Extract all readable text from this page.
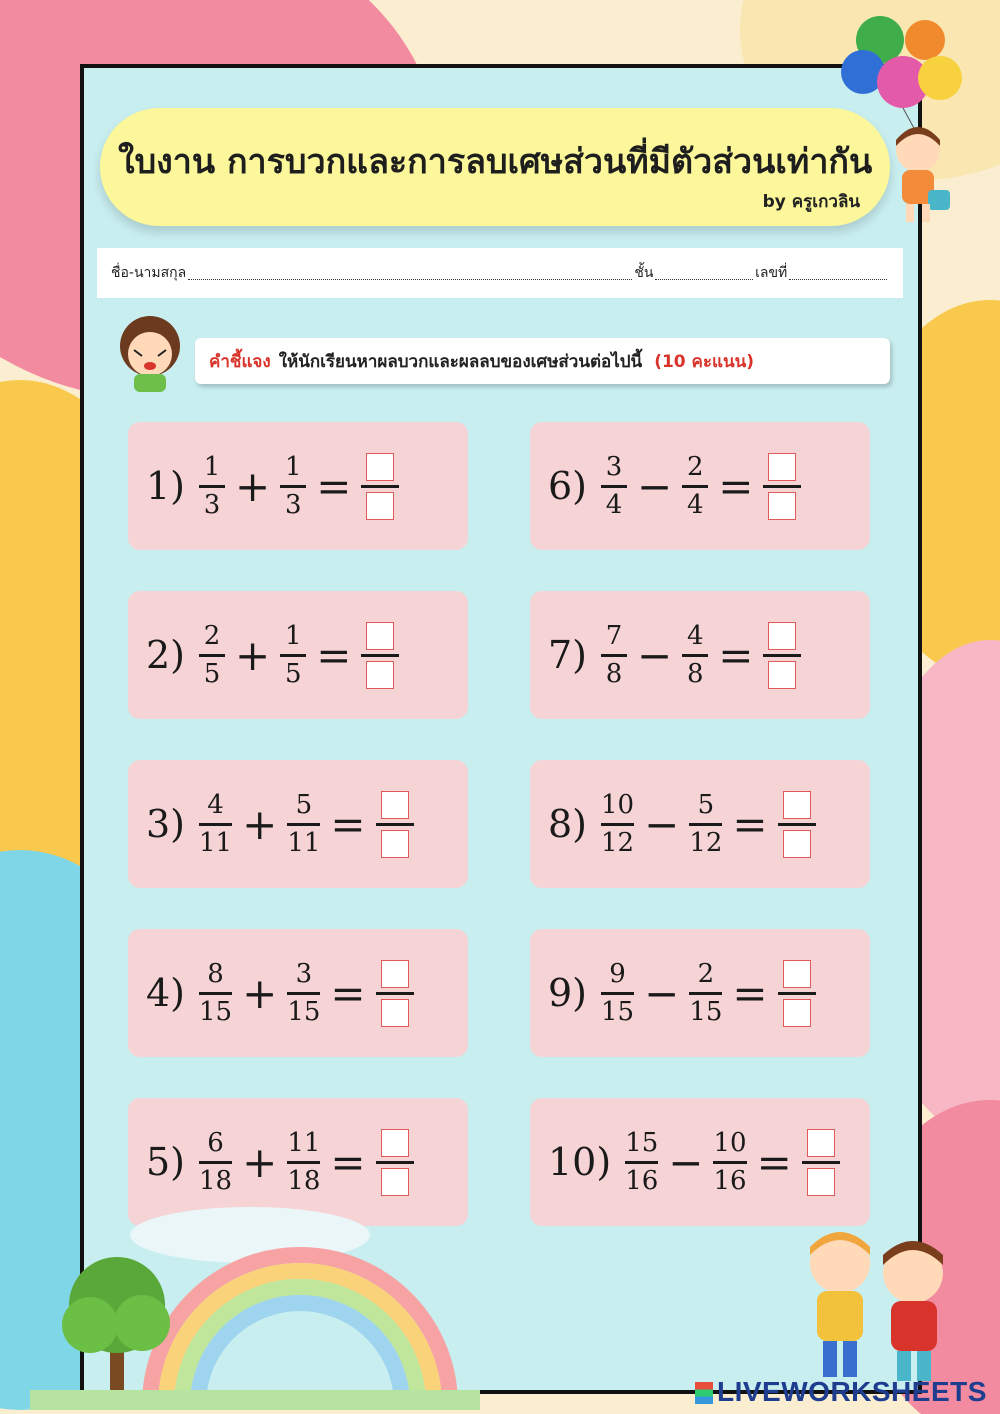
ใบงาน การบวกและการลบเศษส่วนที่มีตัวส่วนเท่ากัน
by ครูเกวลิน
ชื่อ-นามสกุล	ชั้น	เลขที่
คำชี้แจง ให้นักเรียนหาผลบวกและผลลบของเศษส่วนต่อไปนี้ (10 คะแนน)
$1) \frac{1}{3} + \frac{1}{3}$ =
$2) \frac{2}{5} + \frac{1}{5}$ =
$3) \frac{4}{11} + \frac{5}{11}$ =
$4) \frac{8}{15} + \frac{3}{15}$ =
$5) \frac{6}{18} + \frac{11}{18}$ =
$6) \frac{3}{4} - \frac{2}{4}$ =
$7) \frac{7}{8} - \frac{4}{8}$ =
$8) \frac{10}{12} - \frac{5}{12}$ =
$9) \frac{9}{15} - \frac{2}{15}$ =
$10) \frac{15}{16} - \frac{10}{16}$ =
LIVEWORKSHEETS
